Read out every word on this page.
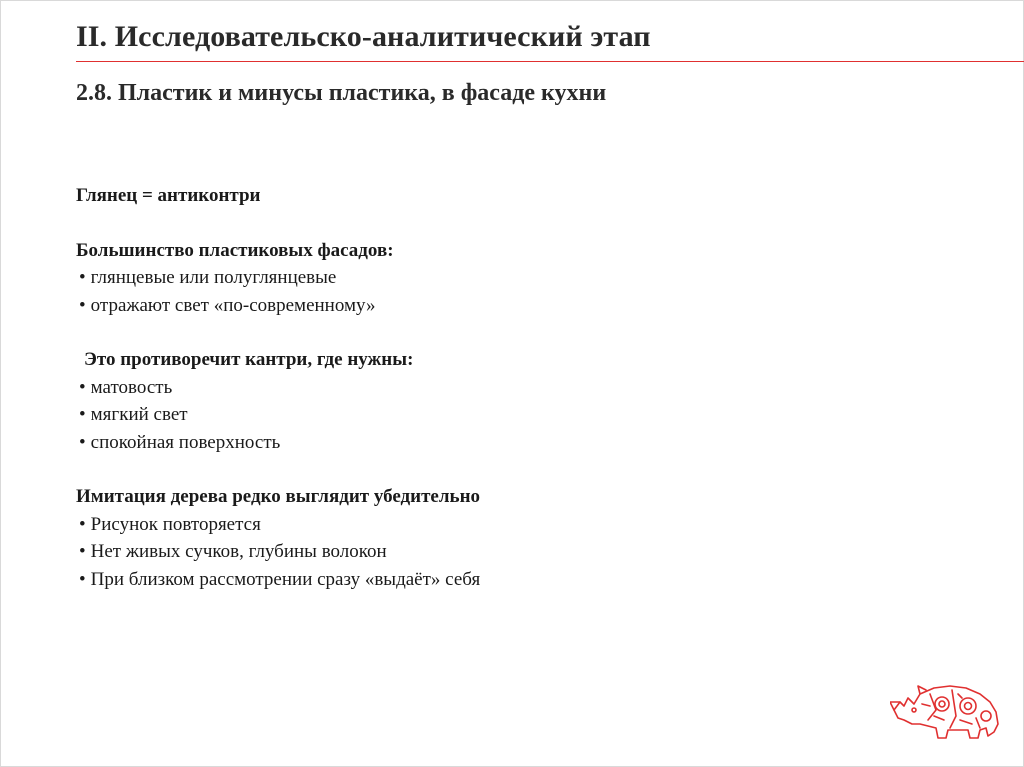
II. Исследовательско-аналитический этап
2.8. Пластик и минусы пластика, в фасаде кухни
Глянец = антиконтри
Большинство пластиковых фасадов:
• глянцевые или полуглянцевые
• отражают свет «по-современному»
Это противоречит кантри, где нужны:
• матовость
• мягкий свет
• спокойная поверхность
Имитация дерева редко выглядит убедительно
• Рисунок повторяется
• Нет живых сучков, глубины волокон
• При близком рассмотрении сразу «выдаёт» себя
